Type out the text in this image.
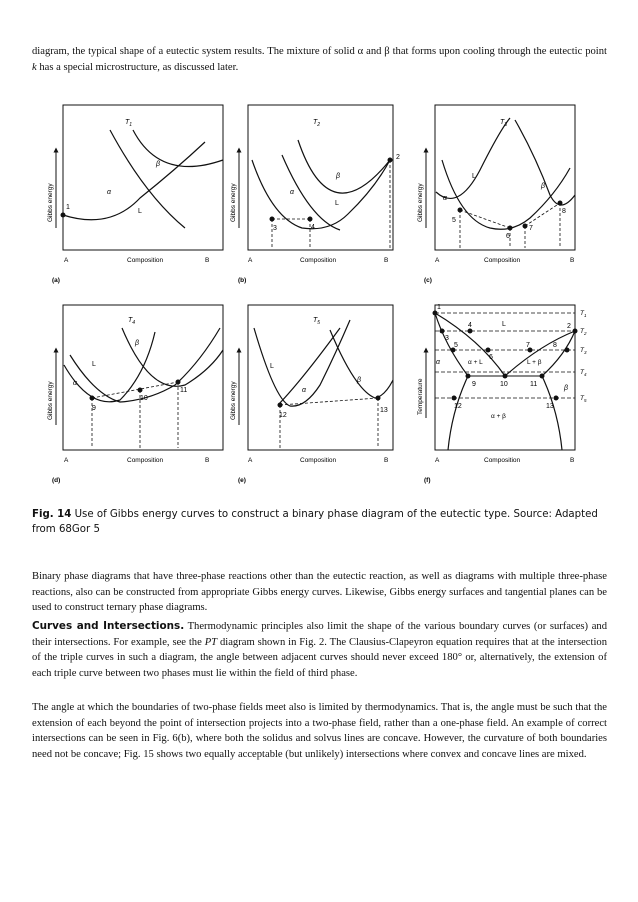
diagram, the typical shape of a eutectic system results. The mixture of solid α and β that forms upon cooling through the eutectic point k has a special microstructure, as discussed later.

1
$T_1$
α
β
L
A	Composition	B
(a)
Gibbs energy
2
3	4
$T_2$
α
β
L
A	Composition	B
(b)
Gibbs energy	5
6
7
8
$T_3$
α
β
L
A	Composition	B
(c)
Gibbs energy
9
10
11
$T_4$
α
β
L
A	Composition	B
(d)
Gibbs energy	12
13
$T_5$
α
β
L
A	Composition	B
(e)
Gibbs energy
1
2
3
4
5
6
7	8
9	10	11
12	13
L
α
β
α + L	L + β
α + β
$T_1$
$T_2$
$T_3$
$T_4$
$T_5$
A	Composition	B
(f)
Temperature

Fig. 14 Use of Gibbs energy curves to construct a binary phase diagram of the eutectic type. Source: Adapted from 68Gor 5

Binary phase diagrams that have three-phase reactions other than the eutectic reaction, as well as diagrams with multiple three-phase reactions, also can be constructed from appropriate Gibbs energy curves. Likewise, Gibbs energy surfaces and tangential planes can be used to construct ternary phase diagrams.

Curves and Intersections. Thermodynamic principles also limit the shape of the various boundary curves (or surfaces) and their intersections. For example, see the PT diagram shown in Fig. 2. The Clausius-Clapeyron equation requires that at the intersection of the triple curves in such a diagram, the angle between adjacent curves should never exceed 180° or, alternatively, the extension of each triple curve between two phases must lie within the field of third phase.

The angle at which the boundaries of two-phase fields meet also is limited by thermodynamics. That is, the angle must be such that the extension of each beyond the point of intersection projects into a two-phase field, rather than a one-phase field. An example of correct intersections can be seen in Fig. 6(b), where both the solidus and solvus lines are concave. However, the curvature of both boundaries need not be concave; Fig. 15 shows two equally acceptable (but unlikely) intersections where convex and concave lines are mixed.
